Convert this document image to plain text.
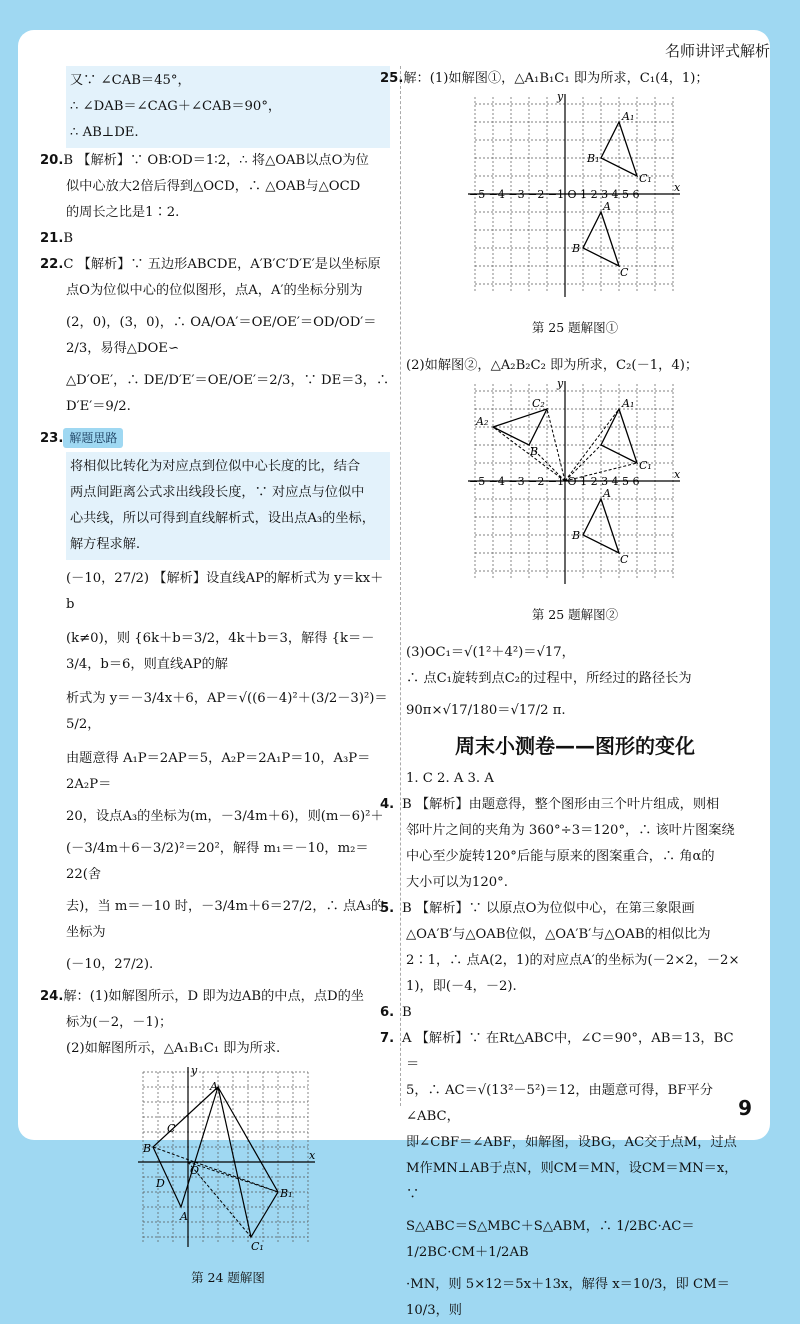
名师讲评式解析

又∵ ∠CAB＝45°，

∴ ∠DAB＝∠CAG＋∠CAB＝90°，

∴ AB⊥DE.

20.B 【解析】∵ OB∶OD＝1∶2，∴ 将△OAB以点O为位

似中心放大2倍后得到△OCD，∴ △OAB与△OCD

的周长之比是1∶2.

21.B

22.C 【解析】∵ 五边形ABCDE，A′B′C′D′E′是以坐标原

点O为位似中心的位似图形，点A，A′的坐标分别为

(2，0)，(3，0)，∴ OA/OA′＝OE/OE′＝OD/OD′＝2/3，易得△DOE∽

△D′OE′，∴ DE/D′E′＝OE/OE′＝2/3，∵ DE＝3，∴ D′E′＝9/2.

23. 解题思路

将相似比转化为对应点到位似中心长度的比，结合

两点间距离公式求出线段长度，∵ 对应点与位似中

心共线，所以可得到直线解析式，设出点A₃的坐标，

解方程求解.

(－10，27/2) 【解析】设直线AP的解析式为 y＝kx＋b

(k≠0)，则 {6k＋b＝3/2，4k＋b＝3，解得 {k＝－3/4，b＝6，则直线AP的解

析式为 y＝－3/4x＋6，AP＝√((6－4)²＋(3/2－3)²)＝5/2，

由题意得 A₁P＝2AP＝5，A₂P＝2A₁P＝10，A₃P＝2A₂P＝

20，设点A₃的坐标为(m，－3/4m＋6)，则(m－6)²＋

(－3/4m＋6－3/2)²＝20²，解得 m₁＝－10，m₂＝22(舍

去)，当 m＝－10 时，－3/4m＋6＝27/2，∴ 点A₃的坐标为

(－10，27/2).

24.解：(1)如解图所示，D 即为边AB的中点，点D的坐

标为(－2，－1)；

(2)如解图所示，△A₁B₁C₁ 即为所求.

y
x
O
A
B
C
D
A
B₁
C₁

第 24 题解图

25.解：(1)如解图①，△A₁B₁C₁ 即为所求，C₁(4，1)；

y
x
−5 −4 −3 −2 −1 O 1 2 3 4 5 6
A₁
B₁
C₁
A
B
C

第 25 题解图①

(2)如解图②，△A₂B₂C₂ 即为所求，C₂(－1，4)；

y
x
−5 −4 −3 −2 −1 O 1 2 3 4 5 6
A₂
C₂
B
A₁
C₁
A
B
C

第 25 题解图②

(3)OC₁＝√(1²＋4²)＝√17，

∴ 点C₁旋转到点C₂的过程中，所经过的路径长为

90π×√17/180＝√17/2 π.

周末小测卷——图形的变化

1. C 2. A 3. A

4. B 【解析】由题意得，整个图形由三个叶片组成，则相

邻叶片之间的夹角为 360°÷3＝120°，∴ 该叶片图案绕

中心至少旋转120°后能与原来的图案重合，∴ 角α的

大小可以为120°.

5. B 【解析】∵ 以原点O为位似中心，在第三象限画

△OA′B′与△OAB位似，△OA′B′与△OAB的相似比为

2∶1，∴ 点A(2，1)的对应点A′的坐标为(－2×2，－2×

1)，即(－4，－2).

6. B

7. A 【解析】∵ 在Rt△ABC中，∠C＝90°，AB＝13，BC＝

5，∴ AC＝√(13²－5²)＝12，由题意可得，BF平分∠ABC，

即∠CBF＝∠ABF，如解图，设BG，AC交于点M，过点

M作MN⊥AB于点N，则CM＝MN，设CM＝MN＝x，∵

S△ABC＝S△MBC＋S△ABM，∴ 1/2BC·AC＝1/2BC·CM＋1/2AB

·MN，则 5×12＝5x＋13x，解得 x＝10/3，即 CM＝10/3，则

9
